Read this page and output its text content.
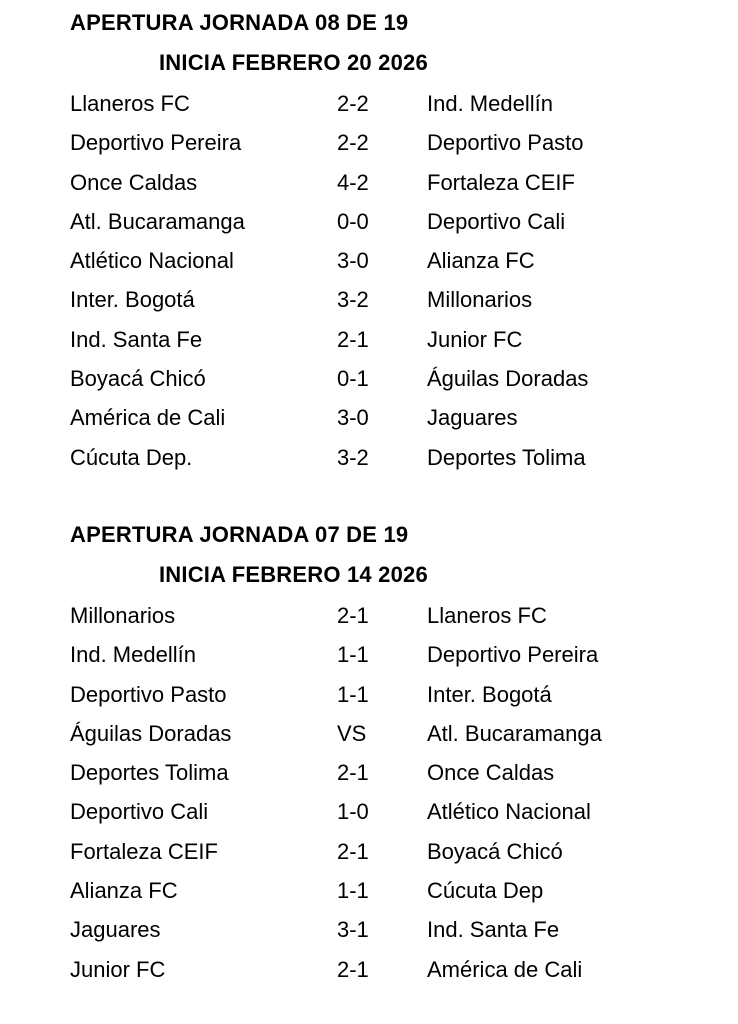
APERTURA JORNADA 08 DE 19
INICIA FEBRERO 20 2026
Llaneros FC	2-2	Ind. Medellín
Deportivo Pereira	2-2	Deportivo Pasto
Once Caldas	4-2	Fortaleza CEIF
Atl. Bucaramanga	0-0	Deportivo Cali
Atlético Nacional	3-0	Alianza FC
Inter. Bogotá	3-2	Millonarios
Ind. Santa Fe	2-1	Junior FC
Boyacá Chicó	0-1	Águilas Doradas
América de Cali	3-0	Jaguares
Cúcuta Dep.	3-2	Deportes Tolima
APERTURA JORNADA 07 DE 19
INICIA FEBRERO 14 2026
Millonarios	2-1	Llaneros FC
Ind. Medellín	1-1	Deportivo Pereira
Deportivo Pasto	1-1	Inter. Bogotá
Águilas Doradas	VS	Atl. Bucaramanga
Deportes Tolima	2-1	Once Caldas
Deportivo Cali	1-0	Atlético Nacional
Fortaleza CEIF	2-1	Boyacá Chicó
Alianza FC	1-1	Cúcuta Dep
Jaguares	3-1	Ind. Santa Fe
Junior FC	2-1	América de Cali
